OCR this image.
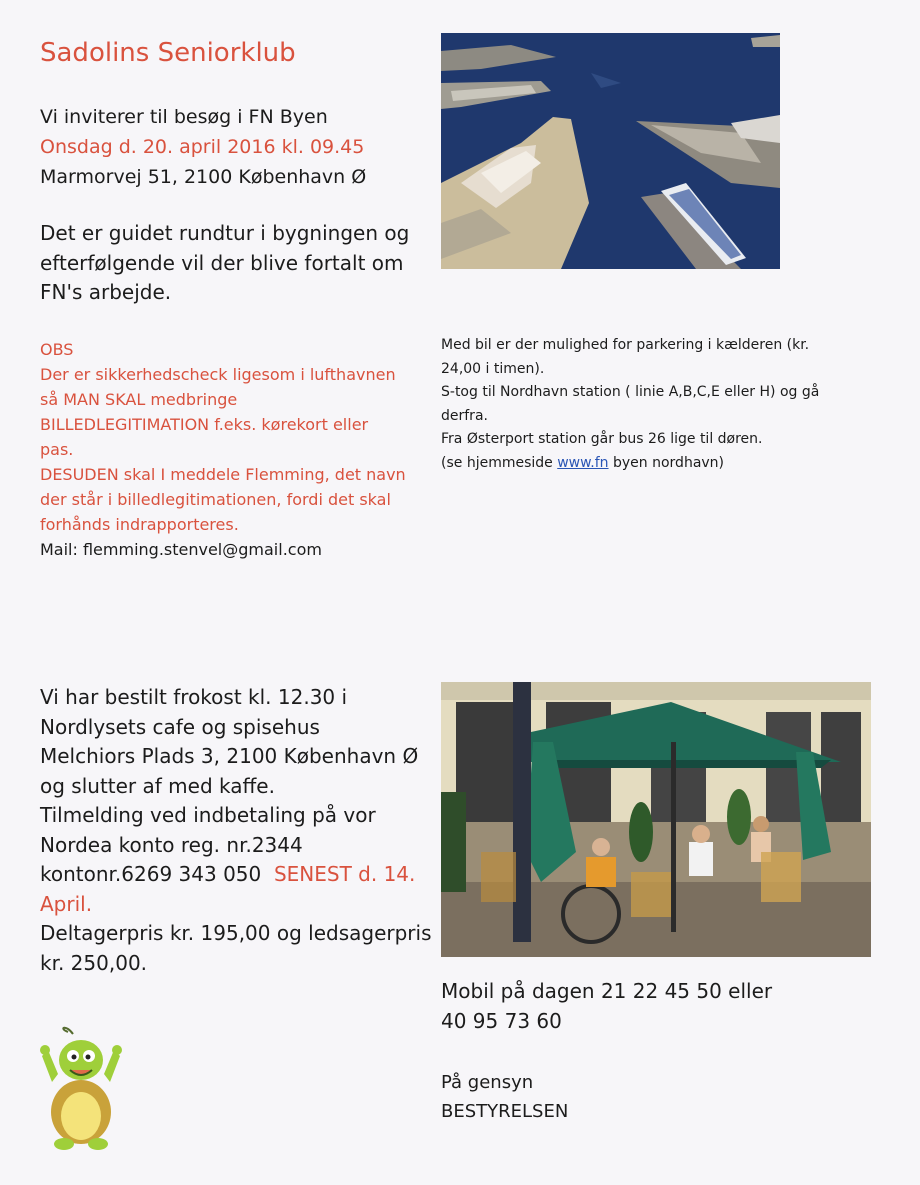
Sadolins Seniorklub
Vi inviterer til besøg i FN Byen
Onsdag d. 20. april 2016 kl. 09.45
Marmorvej 51, 2100 København Ø
Det er guidet rundtur i bygningen og
efterfølgende vil der blive fortalt om
FN's arbejde.
OBS
Der er sikkerhedscheck ligesom i lufthavnen
så MAN SKAL medbringe
BILLEDLEGITIMATION f.eks. kørekort eller
pas.
DESUDEN skal I meddele Flemming, det navn
der står i billedlegitimationen, fordi det skal
forhånds indrapporteres.
Mail: flemming.stenvel@gmail.com
Med bil er der mulighed for parkering i kælderen (kr.
24,00 i timen).
S-tog til Nordhavn station ( linie A,B,C,E eller H) og gå
derfra.
Fra Østerport station går bus 26 lige til døren.
(se hjemmeside www.fn byen nordhavn)
Vi har bestilt frokost kl. 12.30 i
Nordlysets cafe og spisehus
Melchiors Plads 3, 2100 København Ø
og slutter af med kaffe.
Tilmelding ved indbetaling på vor
Nordea konto reg. nr.2344
kontonr.6269 343 050 SENEST d. 14.
April.
Deltagerpris kr. 195,00 og ledsagerpris
kr. 250,00.
Mobil på dagen 21 22 45 50 eller
40 95 73 60
På gensyn
BESTYRELSEN
